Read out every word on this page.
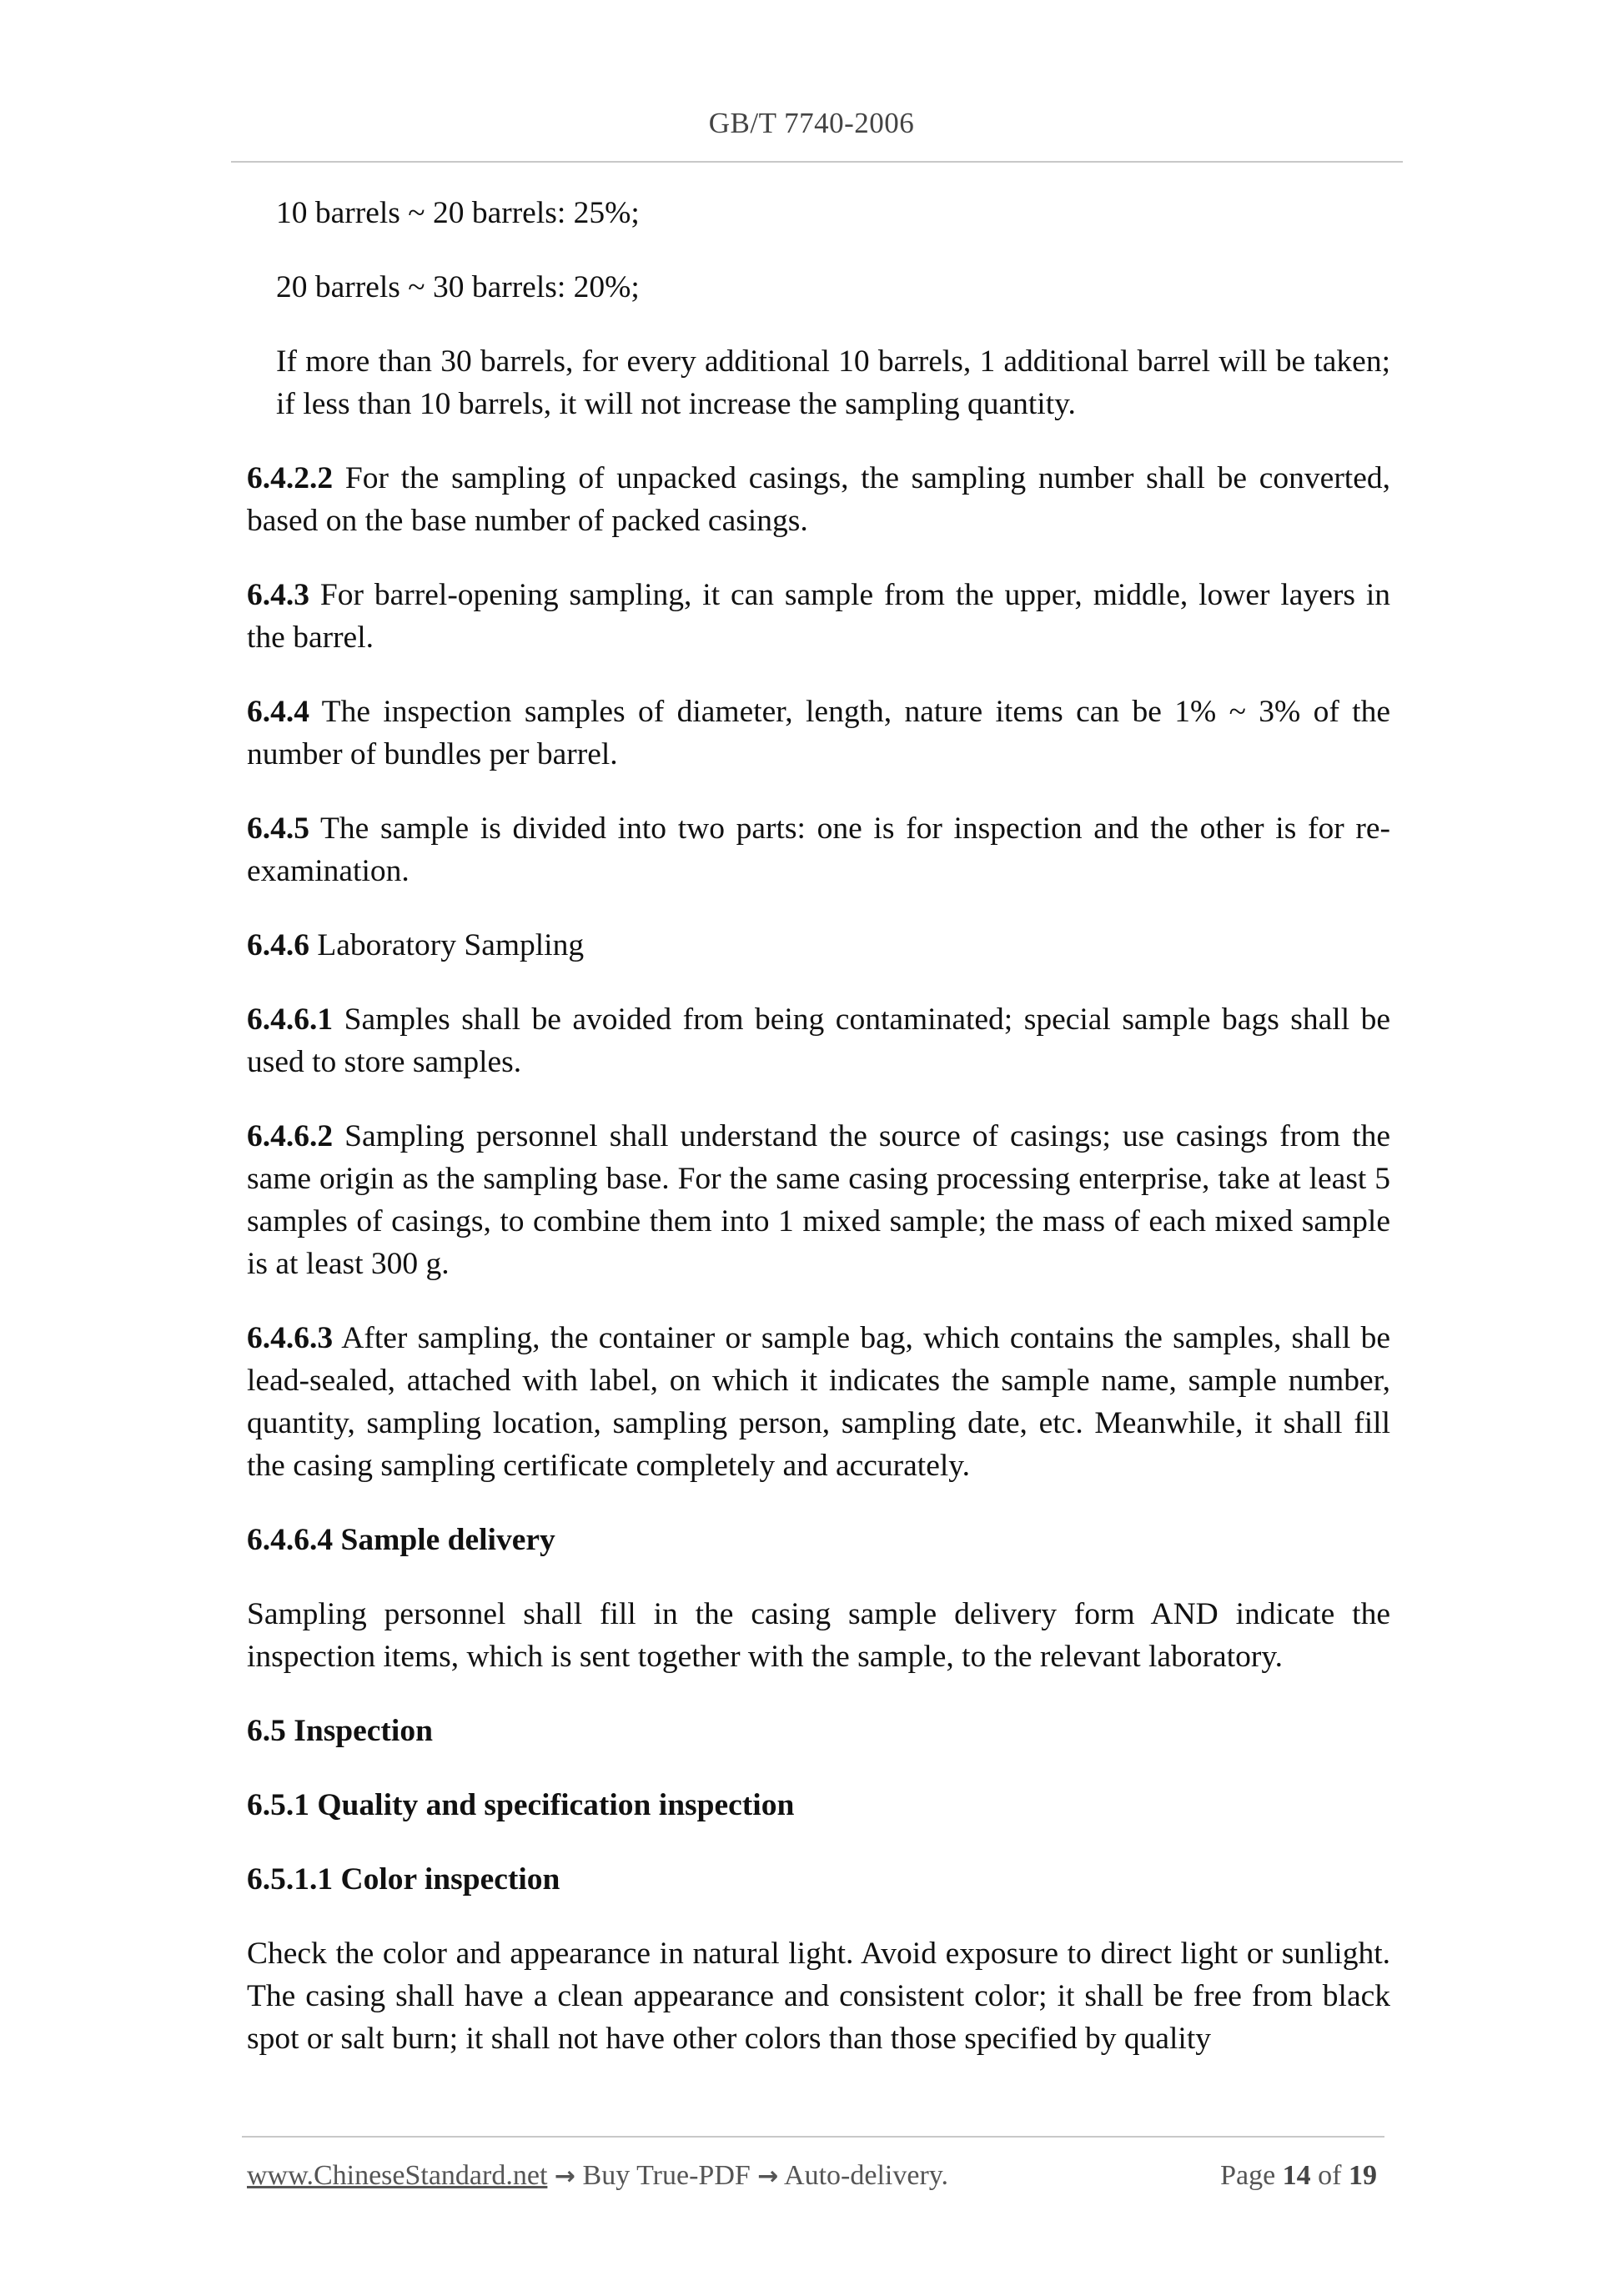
GB/T 7740-2006

10 barrels ~ 20 barrels: 25%;

20 barrels ~ 30 barrels: 20%;

If more than 30 barrels, for every additional 10 barrels, 1 additional barrel will be taken; if less than 10 barrels, it will not increase the sampling quantity.

6.4.2.2 For the sampling of unpacked casings, the sampling number shall be converted, based on the base number of packed casings.

6.4.3 For barrel-opening sampling, it can sample from the upper, middle, lower layers in the barrel.

6.4.4 The inspection samples of diameter, length, nature items can be 1% ~ 3% of the number of bundles per barrel.

6.4.5 The sample is divided into two parts: one is for inspection and the other is for re-examination.

6.4.6 Laboratory Sampling

6.4.6.1 Samples shall be avoided from being contaminated; special sample bags shall be used to store samples.

6.4.6.2 Sampling personnel shall understand the source of casings; use casings from the same origin as the sampling base. For the same casing processing enterprise, take at least 5 samples of casings, to combine them into 1 mixed sample; the mass of each mixed sample is at least 300 g.

6.4.6.3 After sampling, the container or sample bag, which contains the samples, shall be lead-sealed, attached with label, on which it indicates the sample name, sample number, quantity, sampling location, sampling person, sampling date, etc. Meanwhile, it shall fill the casing sampling certificate completely and accurately.

6.4.6.4 Sample delivery

Sampling personnel shall fill in the casing sample delivery form AND indicate the inspection items, which is sent together with the sample, to the relevant laboratory.

6.5 Inspection

6.5.1 Quality and specification inspection

6.5.1.1 Color inspection

Check the color and appearance in natural light. Avoid exposure to direct light or sunlight. The casing shall have a clean appearance and consistent color; it shall be free from black spot or salt burn; it shall not have other colors than those specified by quality

www.ChineseStandard.net → Buy True-PDF → Auto-delivery.	Page 14 of 19
